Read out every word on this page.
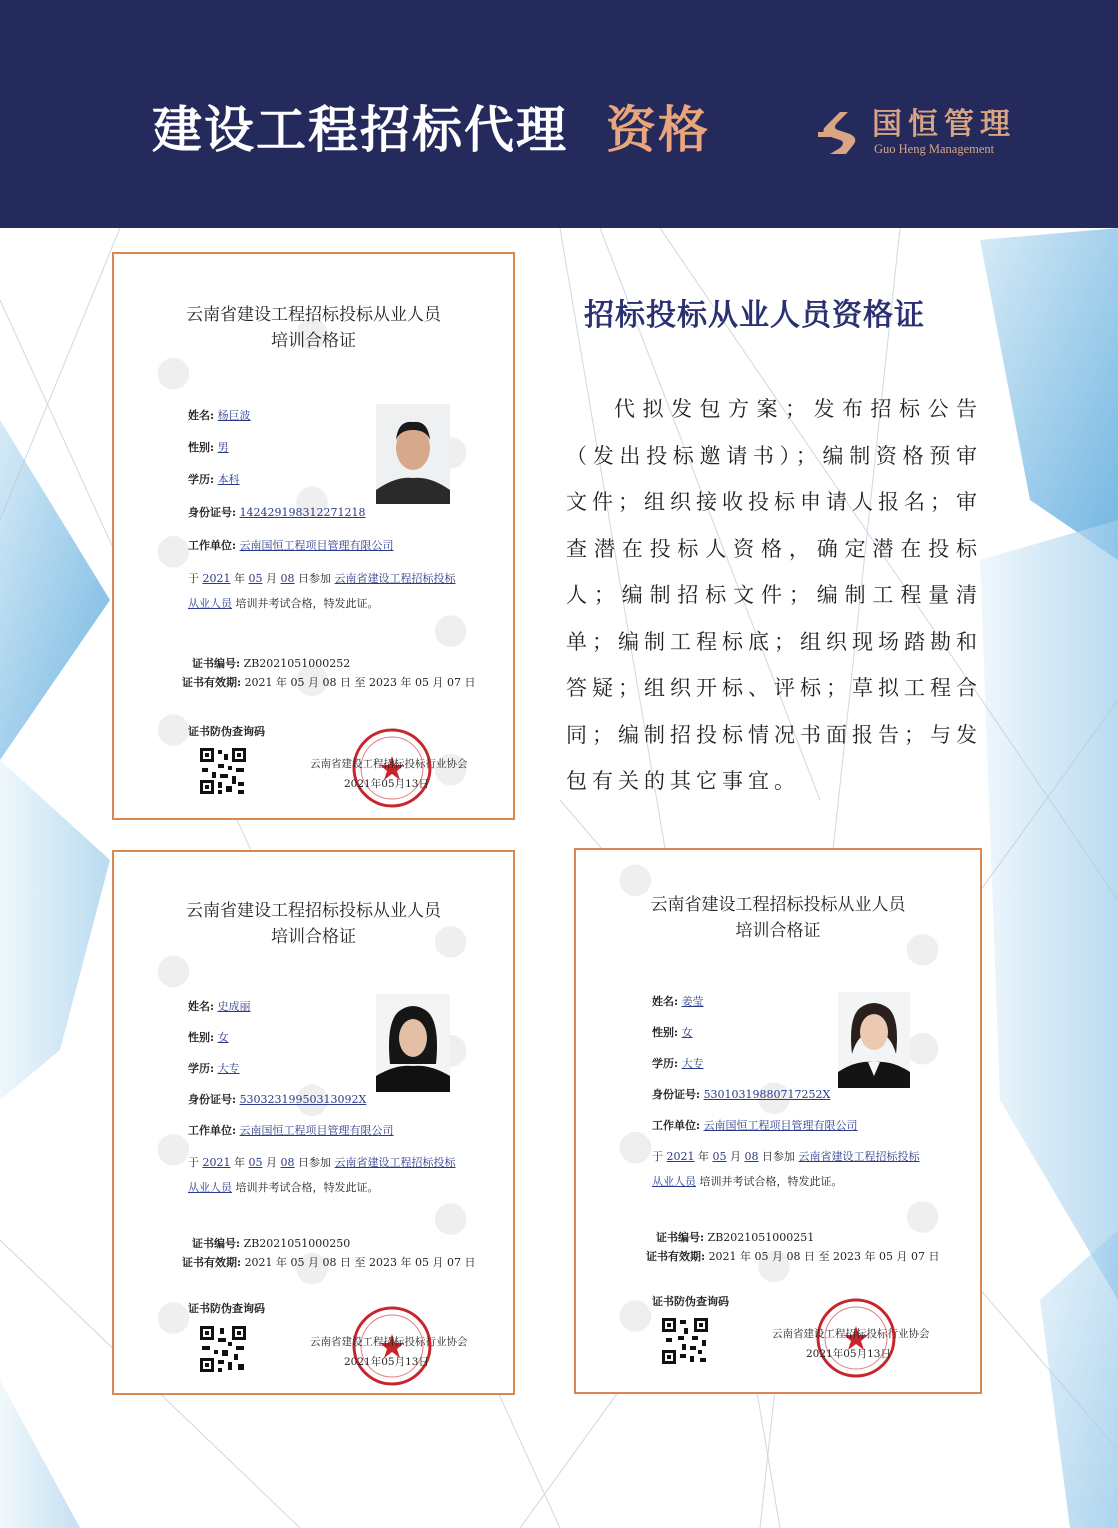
建设工程招标代理 资格	国恒管理
Guo Heng Management
招标投标从业人员资格证
代拟发包方案；发布招标公告（发出投标邀请书）；编制资格预审文件；组织接收投标申请人报名；审查潜在投标人资格，确定潜在投标人；编制招标文件；编制工程量清单；编制工程标底；组织现场踏勘和答疑；组织开标、评标；草拟工程合同；编制招投标情况书面报告；与发包有关的其它事宜。
云南省建设工程招标投标从业人员
培训合格证
姓名: 杨巨波
性别: 男
学历: 本科
身份证号: 142429198312271218
工作单位: 云南国恒工程项目管理有限公司
于 2021 年 05 月 08 日参加 云南省建设工程招标投标
从业人员 培训并考试合格，特发此证。
证书编号: ZB2021051000252
证书有效期: 2021 年 05 月 08 日 至 2023 年 05 月 07 日
证书防伪查询码
云南省建设工程招标投标行业协会
2021年05月13日
云南省建设工程招标投标从业人员
培训合格证
姓名: 史成丽
性别: 女
学历: 大专
身份证号: 53032319950313092X
工作单位: 云南国恒工程项目管理有限公司
于 2021 年 05 月 08 日参加 云南省建设工程招标投标
从业人员 培训并考试合格，特发此证。
证书编号: ZB2021051000250
证书有效期: 2021 年 05 月 08 日 至 2023 年 05 月 07 日
证书防伪查询码
云南省建设工程招标投标行业协会
2021年05月13日
云南省建设工程招标投标从业人员
培训合格证
姓名: 姜莹
性别: 女
学历: 大专
身份证号: 53010319880717252X
工作单位: 云南国恒工程项目管理有限公司
于 2021 年 05 月 08 日参加 云南省建设工程招标投标
从业人员 培训并考试合格，特发此证。
证书编号: ZB2021051000251
证书有效期: 2021 年 05 月 08 日 至 2023 年 05 月 07 日
证书防伪查询码
云南省建设工程招标投标行业协会
2021年05月13日
